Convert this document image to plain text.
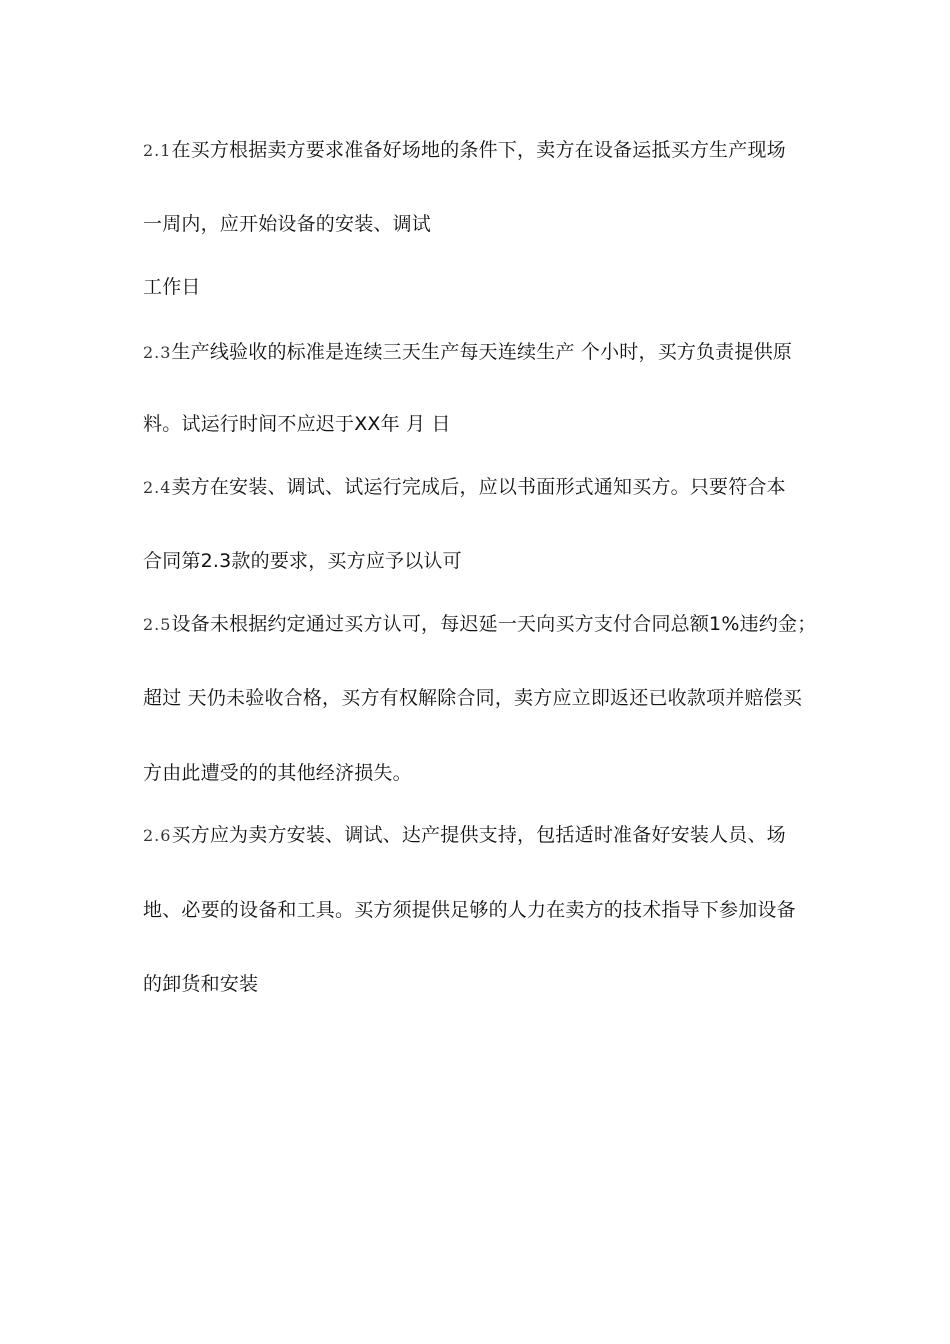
2.1在买方根据卖方要求准备好场地的条件下，卖方在设备运抵买方生产现场
一周内，应开始设备的安装、调试
工作日
2.3生产线验收的标准是连续三天生产每天连续生产 个小时，买方负责提供原
料。试运行时间不应迟于XX年 月 日
2.4卖方在安装、调试、试运行完成后，应以书面形式通知买方。只要符合本
合同第2.3款的要求，买方应予以认可
2.5设备未根据约定通过买方认可，每迟延一天向买方支付合同总额1%违约金；
超过 天仍未验收合格，买方有权解除合同，卖方应立即返还已收款项并赔偿买
方由此遭受的的其他经济损失。
2.6买方应为卖方安装、调试、达产提供支持，包括适时准备好安装人员、场
地、必要的设备和工具。买方须提供足够的人力在卖方的技术指导下参加设备
的卸货和安装
